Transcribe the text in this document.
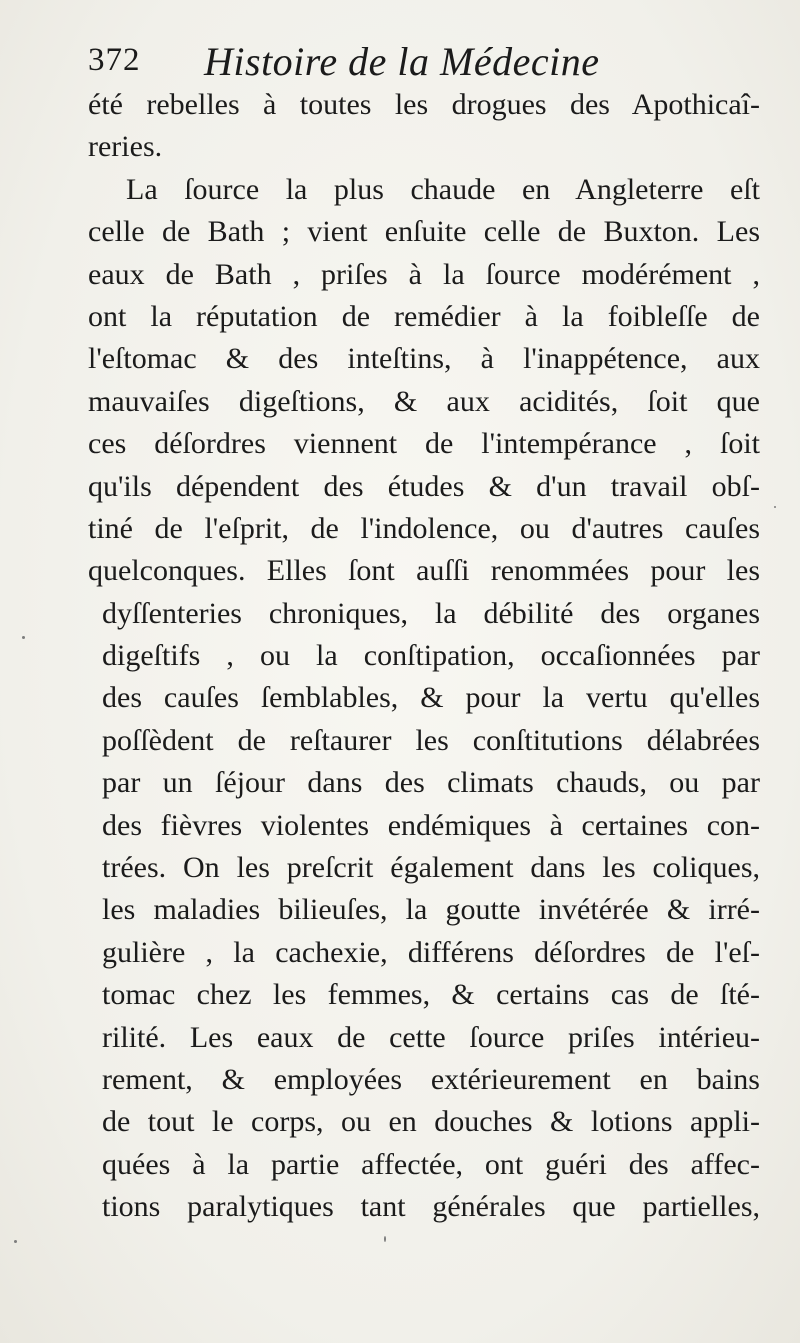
372 Histoire de la Médecine
été rebelles à toutes les drogues des Apothicaî-
reries.
La ſource la plus chaude en Angleterre eſt
celle de Bath ; vient enſuite celle de Buxton. Les
eaux de Bath , priſes à la ſource modérément ,
ont la réputation de remédier à la foibleſſe de
l'eſtomac & des inteſtins, à l'inappétence, aux
mauvaiſes digeſtions, & aux acidités, ſoit que
ces déſordres viennent de l'intempérance , ſoit
qu'ils dépendent des études & d'un travail obſ-
tiné de l'eſprit, de l'indolence, ou d'autres cauſes
quelconques. Elles ſont auſſi renommées pour les
dyſſenteries chroniques, la débilité des organes
digeſtifs , ou la conſtipation, occaſionnées par
des cauſes ſemblables, & pour la vertu qu'elles
poſſèdent de reſtaurer les conſtitutions délabrées
par un ſéjour dans des climats chauds, ou par
des fièvres violentes endémiques à certaines con-
trées. On les preſcrit également dans les coliques,
les maladies bilieuſes, la goutte invétérée & irré-
gulière , la cachexie, différens déſordres de l'eſ-
tomac chez les femmes, & certains cas de ſté-
rilité. Les eaux de cette ſource priſes intérieu-
rement, & employées extérieurement en bains
de tout le corps, ou en douches & lotions appli-
quées à la partie affectée, ont guéri des affec-
tions paralytiques tant générales que partielles,
